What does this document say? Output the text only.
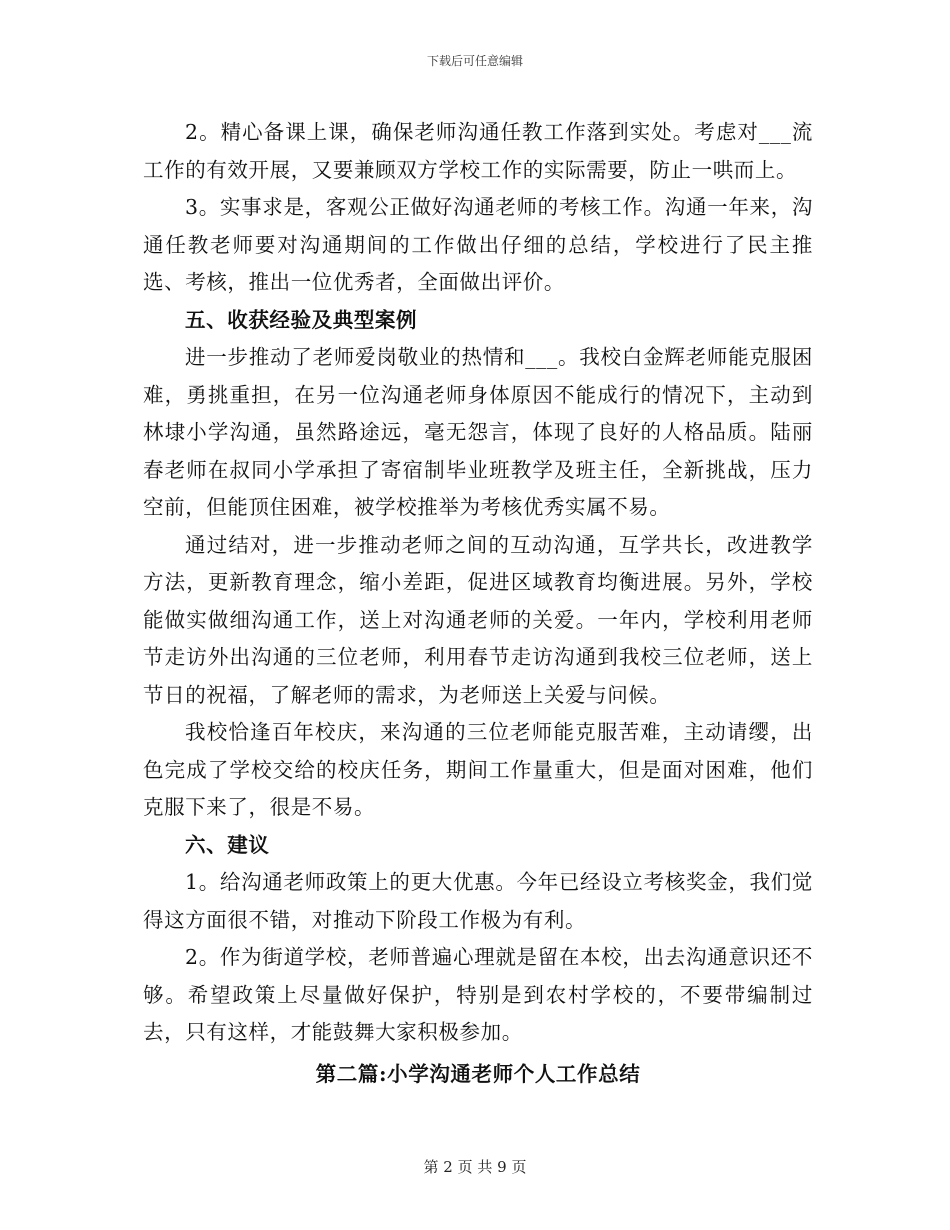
下载后可任意编辑

2。精心备课上课，确保老师沟通任教工作落到实处。考虑对___流工作的有效开展，又要兼顾双方学校工作的实际需要，防止一哄而上。

3。实事求是，客观公正做好沟通老师的考核工作。沟通一年来，沟通任教老师要对沟通期间的工作做出仔细的总结，学校进行了民主推选、考核，推出一位优秀者，全面做出评价。

五、收获经验及典型案例

进一步推动了老师爱岗敬业的热情和___。我校白金辉老师能克服困难，勇挑重担，在另一位沟通老师身体原因不能成行的情况下，主动到林埭小学沟通，虽然路途远，毫无怨言，体现了良好的人格品质。陆丽春老师在叔同小学承担了寄宿制毕业班教学及班主任，全新挑战，压力空前，但能顶住困难，被学校推举为考核优秀实属不易。

通过结对，进一步推动老师之间的互动沟通，互学共长，改进教学方法，更新教育理念，缩小差距，促进区域教育均衡进展。另外，学校能做实做细沟通工作，送上对沟通老师的关爱。一年内，学校利用老师节走访外出沟通的三位老师，利用春节走访沟通到我校三位老师，送上节日的祝福，了解老师的需求，为老师送上关爱与问候。

我校恰逢百年校庆，来沟通的三位老师能克服苦难，主动请缨，出色完成了学校交给的校庆任务，期间工作量重大，但是面对困难，他们克服下来了，很是不易。

六、建议

1。给沟通老师政策上的更大优惠。今年已经设立考核奖金，我们觉得这方面很不错，对推动下阶段工作极为有利。

2。作为街道学校，老师普遍心理就是留在本校，出去沟通意识还不够。希望政策上尽量做好保护，特别是到农村学校的，不要带编制过去，只有这样，才能鼓舞大家积极参加。

第二篇:小学沟通老师个人工作总结

第 2 页 共 9 页
